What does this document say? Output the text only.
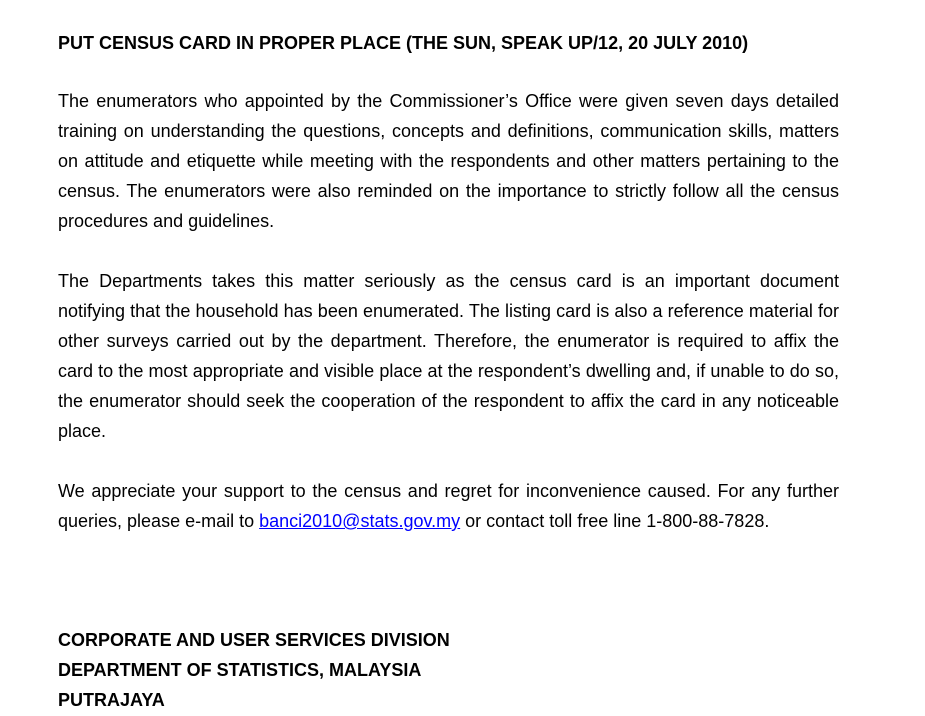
PUT CENSUS CARD IN PROPER PLACE (THE SUN, SPEAK UP/12, 20 JULY 2010)

The enumerators who appointed by the Commissioner’s Office were given seven days detailed training on understanding the questions, concepts and definitions, communication skills, matters on attitude and etiquette while meeting with the respondents and other matters pertaining to the census. The enumerators were also reminded on the importance to strictly follow all the census procedures and guidelines.

The Departments takes this matter seriously as the census card is an important document notifying that the household has been enumerated. The listing card is also a reference material for other surveys carried out by the department. Therefore, the enumerator is required to affix the card to the most appropriate and visible place at the respondent’s dwelling and, if unable to do so, the enumerator should seek the cooperation of the respondent to affix the card in any noticeable place.

We appreciate your support to the census and regret for inconvenience caused. For any further queries, please e-mail to banci2010@stats.gov.my or contact toll free line 1-800-88-7828.

CORPORATE AND USER SERVICES DIVISION
DEPARTMENT OF STATISTICS, MALAYSIA
PUTRAJAYA
